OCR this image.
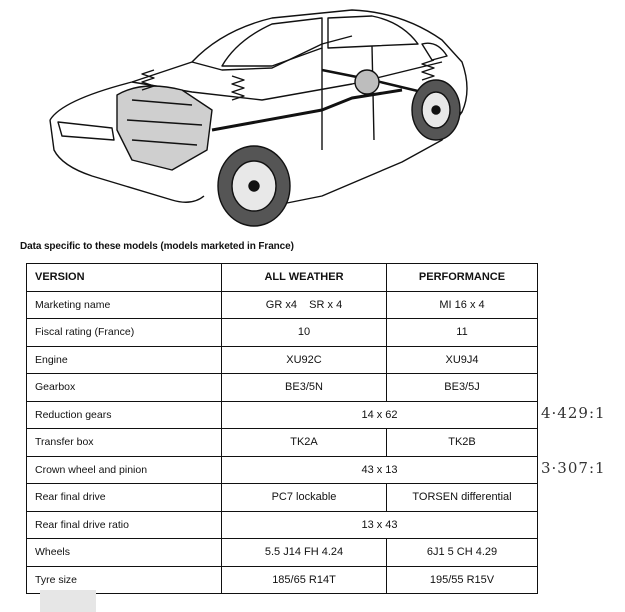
Data specific to these models (models marketed in France)
VERSION	ALL WEATHER	PERFORMANCE
Marketing name	GR x4    SR x 4	MI 16 x 4
Fiscal rating (France)	10	11
Engine	XU92C	XU9J4
Gearbox	BE3/5N	BE3/5J
Reduction gears	14 x 62	
Transfer box	TK2A	TK2B
Crown wheel and pinion	43 x 13	
Rear final drive	PC7 lockable	TORSEN differential
Rear final drive ratio	13 x 43	
Wheels	5.5 J14 FH 4.24	6J1 5 CH 4.29
Tyre size	185/65 R14T	195/55 R15V
4·429:1
3·307:1
